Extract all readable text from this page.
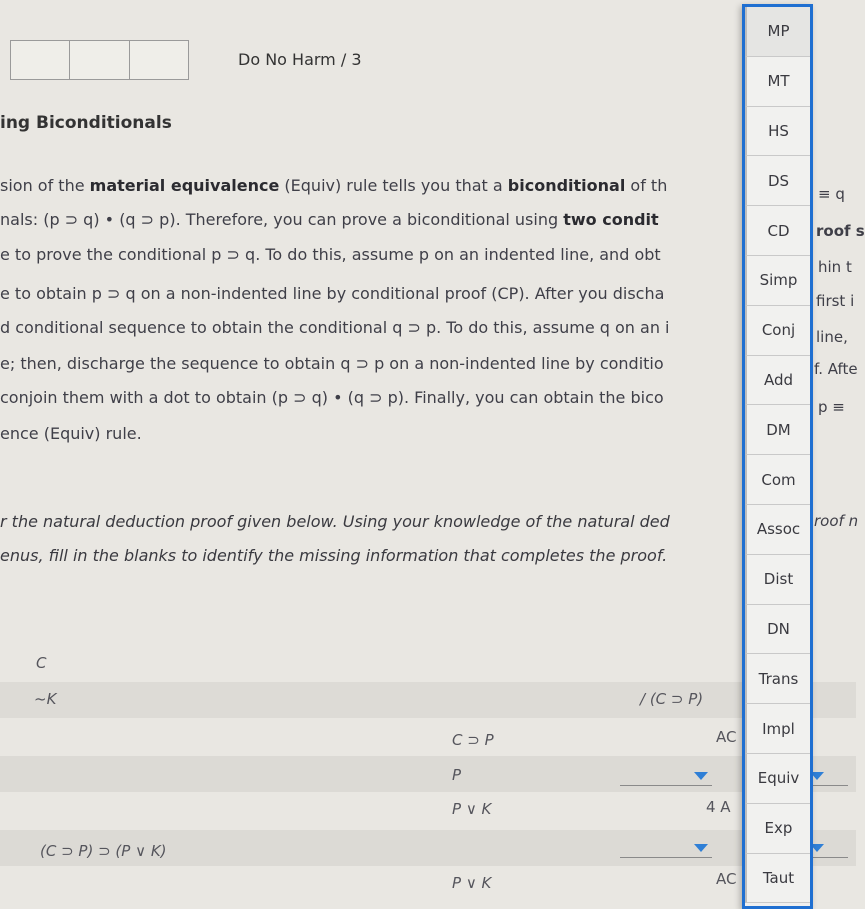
Do No Harm / 3
ing Biconditionals
sion of the material equivalence (Equiv) rule tells you that a biconditional of th
nals: (p ⊃ q) • (q ⊃ p). Therefore, you can prove a biconditional using two condit
e to prove the conditional p ⊃ q. To do this, assume p on an indented line, and obt
e to obtain p ⊃ q on a non-indented line by conditional proof (CP). After you discha
d conditional sequence to obtain the conditional q ⊃ p. To do this, assume q on an i
e; then, discharge the sequence to obtain q ⊃ p on a non-indented line by conditio
conjoin them with a dot to obtain (p ⊃ q) • (q ⊃ p). Finally, you can obtain the bico
ence (Equiv) rule.
r the natural deduction proof given below. Using your knowledge of the natural ded
enus, fill in the blanks to identify the missing information that completes the proof.
≡ q
roof s
hin t
first i
line,
f. Afte
p ≡
roof n
C
~K	/ (C ⊃ P)
C ⊃ P	AC
P
P ∨ K	4 A
(C ⊃ P) ⊃ (P ∨ K)
P ∨ K	AC
MP
MT
HS
DS
CD
Simp
Conj
Add
DM
Com
Assoc
Dist
DN
Trans
Impl
Equiv
Exp
Taut
